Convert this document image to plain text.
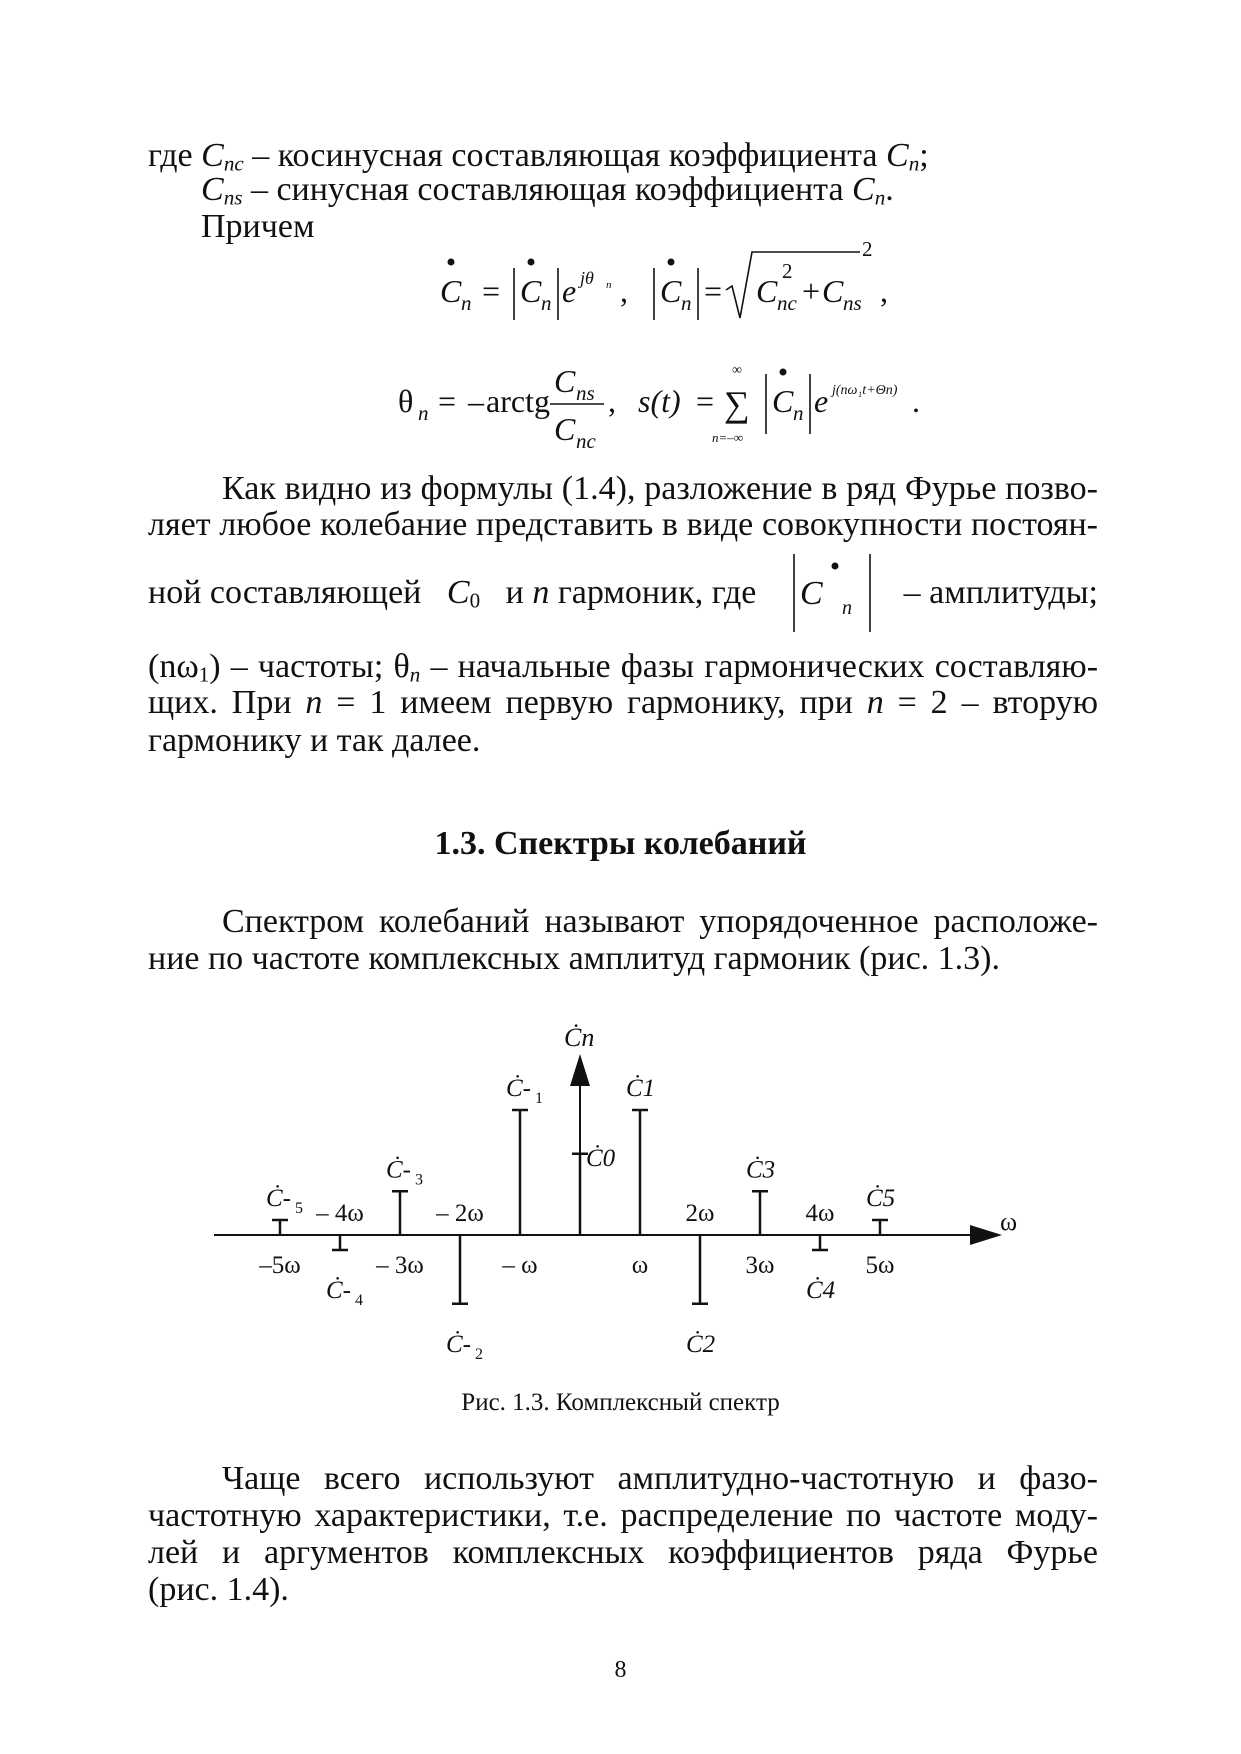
где $C_{nc}$ – косинусная составляющая коэффициента $C_n$;
$C_{ns}$ – синусная составляющая коэффициента $C_n$.
Причем
C n = C n e jθ n , C n = C nc
2
+ C ns
2
,
θ n = – arctg
C ns
C nc
, s(t) =
∞
∑
n=–∞
C n e j(nω₁t+Θn) .
Как видно из формулы (1.4), разложение в ряд Фурье позво-
ляет любое колебание представить в виде совокупности постоян-
ной составляющей $C_0$ и n гармоник, где	C n – амплитуды;
$(n\omega_1)$ – частоты; $\theta_n$ – начальные фазы гармонических составляю-
щих. При n = 1 имеем первую гармонику, при n = 2 – вторую
гармонику и так далее.
1.3. Спектры колебаний
Спектром колебаний называют упорядоченное расположе-
ние по частоте комплексных амплитуд гармоник (рис. 1.3).
ω
Ċn
Ċ- $_5$
–5ω
Ċ- $_4$
– 4ω
Ċ- $_3$
– 3ω
Ċ- $_2$
– 2ω
Ċ- $_1$
– ω
Ċ0
Ċ1
ω
Ċ2
2ω
Ċ3
3ω
Ċ4
4ω
Ċ5
5ω
Рис. 1.3. Комплексный спектр
Чаще всего используют амплитудно-частотную и фазо-
частотную характеристики, т.е. распределение по частоте моду-
лей и аргументов комплексных коэффициентов ряда Фурье
(рис. 1.4).
8
